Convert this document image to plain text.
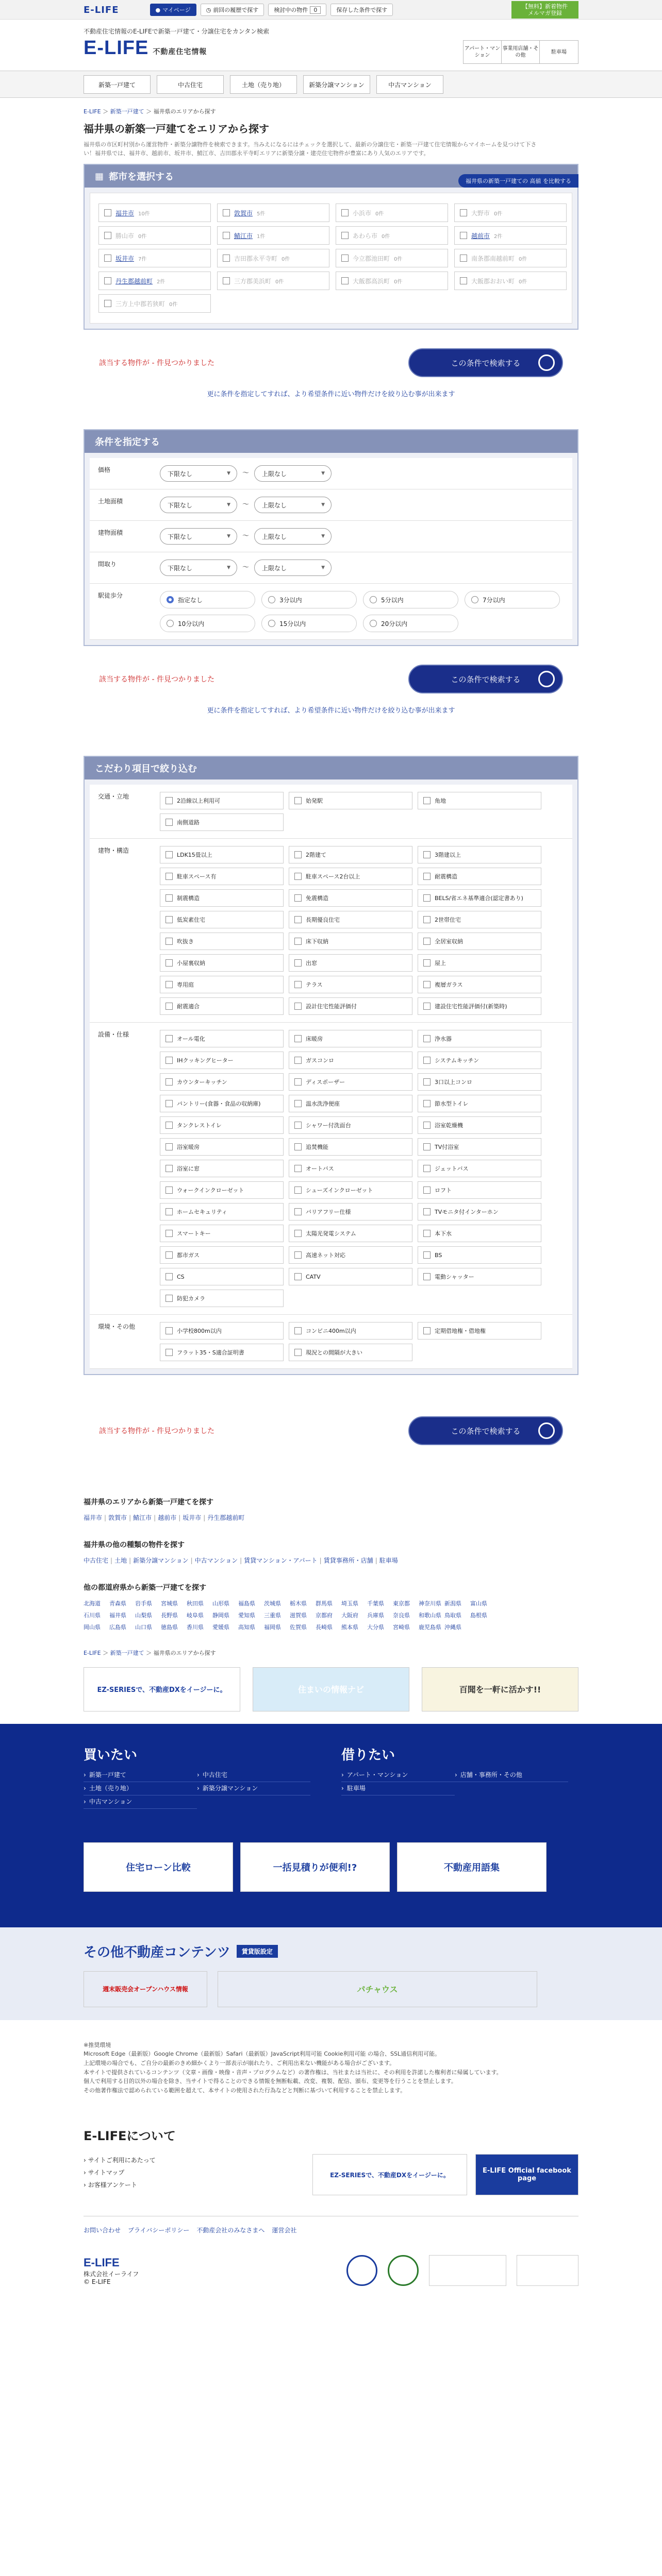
E-LIFE	● マイページ	◷ 前回の履歴で探す	検討中の物件	0	保存した条件で探す
【無料】新着物件
メルマガ登録
不動産住宅情報のE-LIFEで新築一戸建て・分譲住宅をカンタン検索
E-LIFE 不動産住宅情報	アパート・マンション
事業用店舗・その他
駐車場
新築一戸建て	中古住宅	土地（売り地）	新築分譲マンション	中古マンション
E-LIFE ＞ 新築一戸建て ＞ 福井県のエリアから探す
福井県の新築一戸建てをエリアから探す
福井県の市区町村別から運営物件・新築分譲物件を検索できます。当みえになるにはチェックを選択して、最新の分譲住宅・新築一戸建て住宅情報からマイホームを見つけて下さい！福井県では、福井市、越前市、坂井市、鯖江市、吉田郡永平寺町エリアに新築分譲・建売住宅物件が豊富にあり人気のエリアです。
福井県の新築一戸建ての 高値 を比較する
▦ 都市を選択する
福井市 10件	敦賀市 5件	小浜市 0件	大野市 0件
勝山市 0件	鯖江市 1件	あわら市 0件	越前市 2件
坂井市 7件	吉田郡永平寺町 0件	今立郡池田町 0件	南条郡南越前町 0件
丹生郡越前町 2件	三方郡美浜町 0件	大飯郡高浜町 0件	大飯郡おおい町 0件
三方上中郡若狭町 0件
該当する物件が - 件見つかりました	この条件で検索する
更に条件を指定してすれば、より希望条件に近い物件だけを絞り込む事が出来ます
条件を指定する
価格
下限なし ▼	～	上限なし ▼
土地面積
下限なし ▼	～	上限なし ▼
建物面積
下限なし ▼	～	上限なし ▼
間取り
下限なし ▼	～	上限なし ▼
駅徒歩分
指定なし	3分以内	5分以内	7分以内
10分以内	15分以内	20分以内
該当する物件が - 件見つかりました	この条件で検索する
更に条件を指定してすれば、より希望条件に近い物件だけを絞り込む事が出来ます
こだわり項目で絞り込む
交通・立地
2沿線以上利用可	始発駅	角地
南側道路
建物・構造
LDK15畳以上	2階建て	3階建以上
駐車スペース有	駐車スペース2台以上	耐震構造
制震構造	免震構造	BELS/省エネ基準適合(認定書あり)
低炭素住宅	長期優良住宅	2世帯住宅
吹抜き	床下収納	全居室収納
小屋裏収納	出窓	屋上
専用庭	テラス	複層ガラス
耐震適合	設計住宅性能評価付	建設住宅性能評価付(新築時)
設備・仕様
オール電化	床暖房	浄水器
IHクッキングヒーター	ガスコンロ	システムキッチン
カウンターキッチン	ディスポーザー	3口以上コンロ
パントリー(食器・食品の収納庫)	温水洗浄便座	節水型トイレ
タンクレストイレ	シャワー付洗面台	浴室乾燥機
浴室暖房	追焚機能	TV付浴室
浴室に窓	オートバス	ジェットバス
ウォークインクローゼット	シューズインクローゼット	ロフト
ホームセキュリティ	バリアフリー仕様	TVモニタ付インターホン
スマートキー	太陽光発電システム	本下水
都市ガス	高速ネット対応	BS
CS	CATV	電動シャッター
防犯カメラ
環境・その他
小学校800m以内	コンビニ400m以内	定期借地権・借地権
フラット35・S適合証明書	現況との間隔が大きい
該当する物件が - 件見つかりました	この条件で検索する
福井県のエリアから新築一戸建てを探す
福井市 | 敦賀市 | 鯖江市 | 越前市 | 坂井市 | 丹生郡越前町
福井県の他の種類の物件を探す
中古住宅 | 土地 | 新築分譲マンション | 中古マンション | 賃貸マンション・アパート | 賃貸事務所・店舗 | 駐車場
他の都道府県から新築一戸建てを探す
北海道	青森県	岩手県	宮城県	秋田県	山形県	福島県	茨城県	栃木県	群馬県	埼玉県	千葉県	東京都	神奈川県 新潟県	富山県
石川県	福井県	山梨県	長野県	岐阜県	静岡県	愛知県	三重県	滋賀県	京都府	大阪府	兵庫県	奈良県	和歌山県 鳥取県	島根県
岡山県	広島県	山口県	徳島県	香川県	愛媛県	高知県	福岡県	佐賀県	長崎県	熊本県	大分県	宮崎県	鹿児島県 沖縄県
E-LIFE ＞ 新築一戸建て ＞ 福井県のエリアから探す
EZ-SERIESで、不動産DXをイージーに。	住まいの情報ナビ	百聞を一軒に活かす!!
買いたい
› 新築一戸建て	› 中古住宅
› 土地（売り地）	› 新築分譲マンション
› 中古マンション
借りたい
› アパート・マンション	› 店舗・事務所・その他
› 駐車場
住宅ローン比較	一括見積りが便利!?	不動産用語集
その他不動産コンテンツ	賃貸版設定
週末販売会オープンハウス情報	パチャウス
※推奨環境
Microsoft Edge（最新版）Google Chrome（最新版）Safari（最新版）JavaScript利用可能 Cookie利用可能 の場合、SSL通信利用可能。
上記環境の場合でも、ご自分の最新のきめ細かくより一部表示が崩れたり、ご利用出来ない機能がある場合がございます。
本サイトで提供されているコンテンツ（文章・画像・映像・音声・プログラムなど）の著作権は、当社または当社に、その利用を許諾した権利者に帰属しています。
個人で利用する目的以外の場合を除き、当サイトで得ることのできる情報を無断転載、改変、複製、配信、頒布、変更等を行うことを禁止します。
その他著作権法で認められている範囲を超えて、本サイトの使用された行為などと判断に基づいて利用することを禁止します。
E-LIFEについて
› サイトご利用にあたって
› サイトマップ
› お客様アンケート
EZ-SERIESで、不動産DXをイージーに。
E-LIFE Official facebook page
お問い合わせ プライバシーポリシー 不動産会社のみなさまへ 運営会社
E-LIFE
株式会社イーライフ
© E-LIFE
